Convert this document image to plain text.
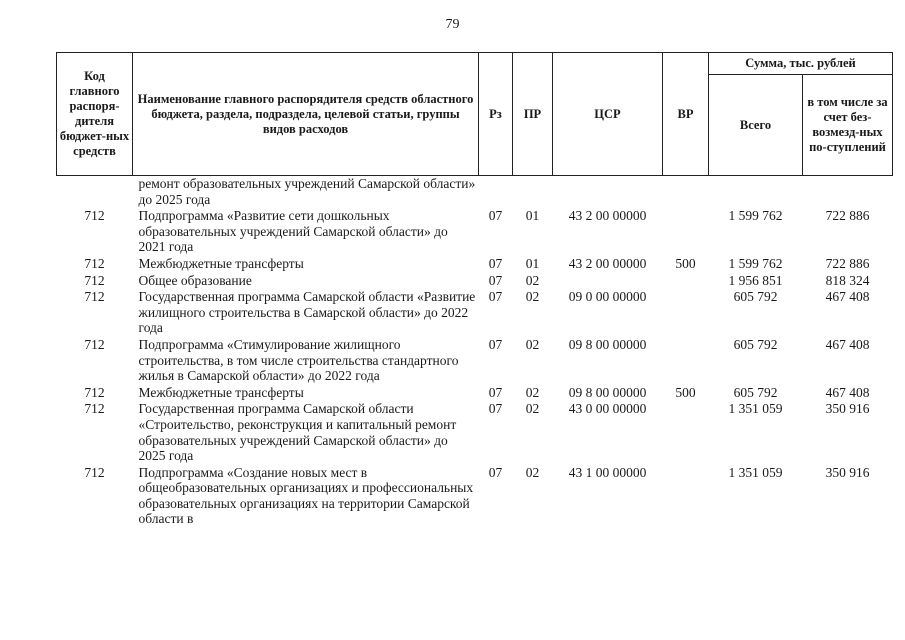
79
Код главного распоря-дителя бюджет-ных средств	Наименование главного распорядителя средств областного бюджета, раздела, подраздела, целевой статьи, группы видов расходов	Рз	ПР	ЦСР	ВР	Сумма, тыс. рублей	
						Всего	в том числе за счет без-возмезд-ных по-ступлений
	ремонт образовательных учреждений Самарской области» до 2025 года						
712	Подпрограмма «Развитие сети дошкольных образовательных учреждений Самарской области» до 2021 года	07	01	43 2 00 00000		1 599 762	722 886
712	Межбюджетные трансферты	07	01	43 2 00 00000	500	1 599 762	722 886
712	Общее образование	07	02			1 956 851	818 324
712	Государственная программа Самарской области «Развитие жилищного строительства в Самарской области» до 2022 года	07	02	09 0 00 00000		605 792	467 408
712	Подпрограмма «Стимулирование жилищного строительства, в том числе строительства стандартного жилья в Самарской области» до 2022 года	07	02	09 8 00 00000		605 792	467 408
712	Межбюджетные трансферты	07	02	09 8 00 00000	500	605 792	467 408
712	Государственная программа Самарской области «Строительство, реконструкция и капитальный ремонт образовательных учреждений Самарской области» до 2025 года	07	02	43 0 00 00000		1 351 059	350 916
712	Подпрограмма «Создание новых мест в общеобразовательных организациях и профессиональных образовательных организациях на территории Самарской области в	07	02	43 1 00 00000		1 351 059	350 916
